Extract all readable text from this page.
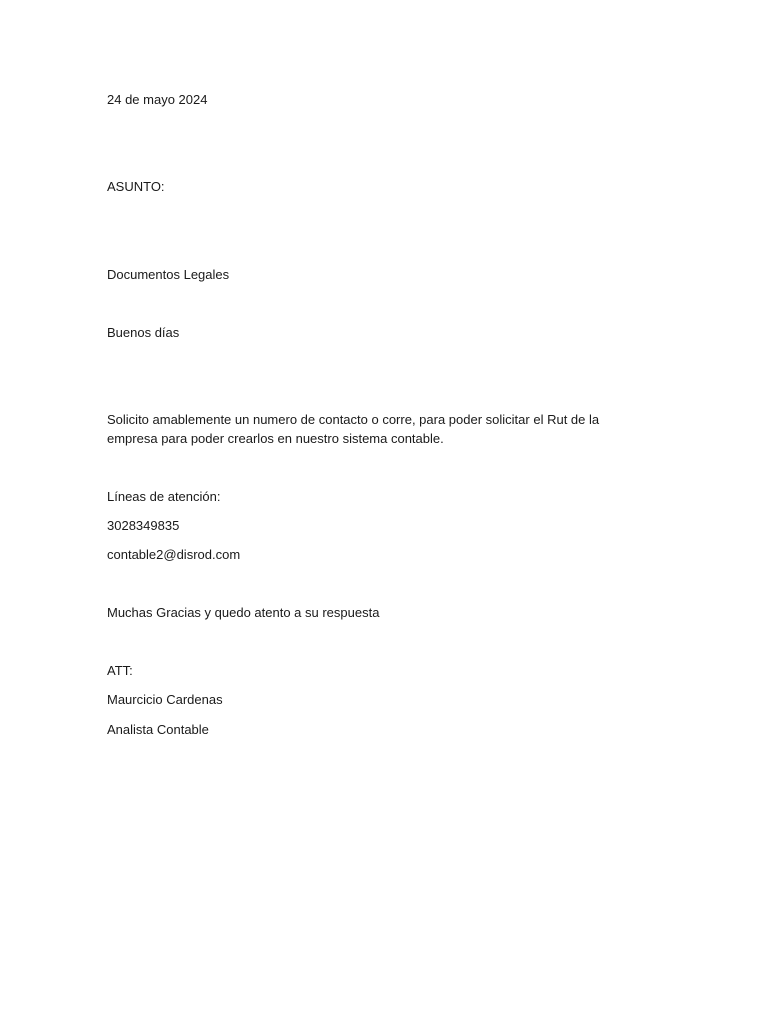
24 de mayo 2024
ASUNTO:
Documentos Legales
Buenos días
Solicito amablemente un numero de contacto o corre, para poder solicitar el Rut de la empresa para poder crearlos en nuestro sistema contable.
Líneas de atención:
3028349835
contable2@disrod.com
Muchas Gracias y quedo atento a su respuesta
ATT:
Maurcicio Cardenas
Analista Contable
